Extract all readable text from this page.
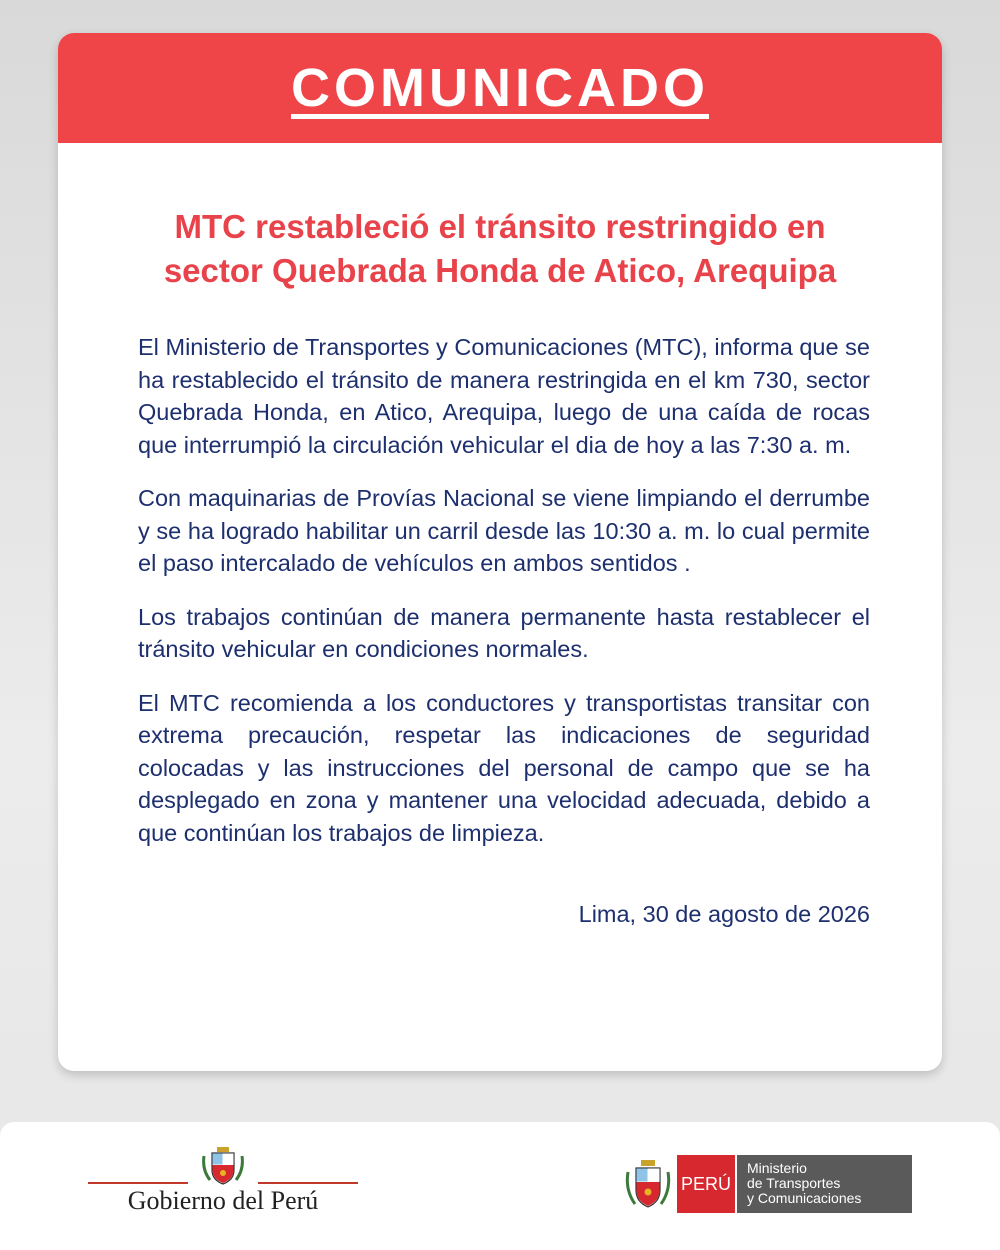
COMUNICADO
MTC restableció el tránsito restringido en
sector Quebrada Honda de Atico, Arequipa

El Ministerio de Transportes y Comunicaciones (MTC), informa que se ha restablecido el tránsito de manera restringida en el km 730, sector Quebrada Honda, en Atico, Arequipa, luego de una caída de rocas que interrumpió la circulación vehicular el dia de hoy a las 7:30 a. m.

Con maquinarias de Provías Nacional se viene limpiando el derrumbe y se ha logrado habilitar un carril desde las 10:30 a. m. lo cual permite el paso intercalado de vehículos en ambos sentidos .

Los trabajos continúan de manera permanente hasta restablecer el tránsito vehicular en condiciones normales.

El MTC recomienda a los conductores y transportistas transitar con extrema precaución, respetar las indicaciones de seguridad colocadas y las instrucciones del personal de campo que se ha desplegado en zona y mantener una velocidad adecuada, debido a que continúan los trabajos de limpieza.

Lima, 30 de agosto de 2026
Gobierno del Perú
PERÚ
Ministerio
de Transportes
y Comunicaciones
